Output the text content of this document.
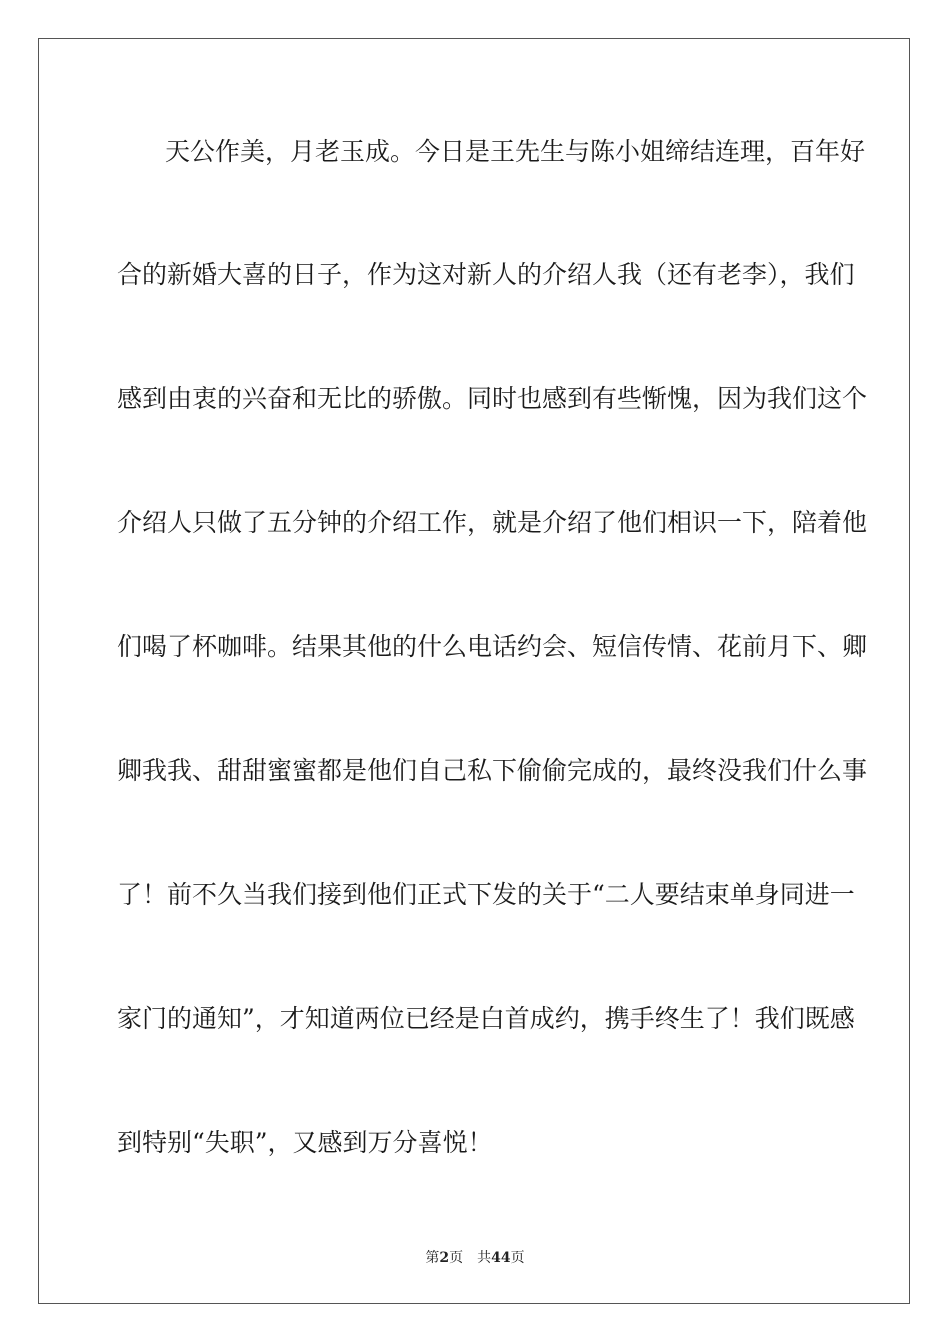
天公作美，月老玉成。今日是王先生与陈小姐缔结连理，百年好
合的新婚大喜的日子，作为这对新人的介绍人我（还有老李），我们
感到由衷的兴奋和无比的骄傲。同时也感到有些惭愧，因为我们这个
介绍人只做了五分钟的介绍工作，就是介绍了他们相识一下，陪着他
们喝了杯咖啡。结果其他的什么电话约会、短信传情、花前月下、卿
卿我我、甜甜蜜蜜都是他们自己私下偷偷完成的，最终没我们什么事
了！前不久当我们接到他们正式下发的关于“二人要结束单身同进一
家门的通知”，才知道两位已经是白首成约，携手终生了！我们既感
到特别“失职”，又感到万分喜悦！
第2页 共44页
